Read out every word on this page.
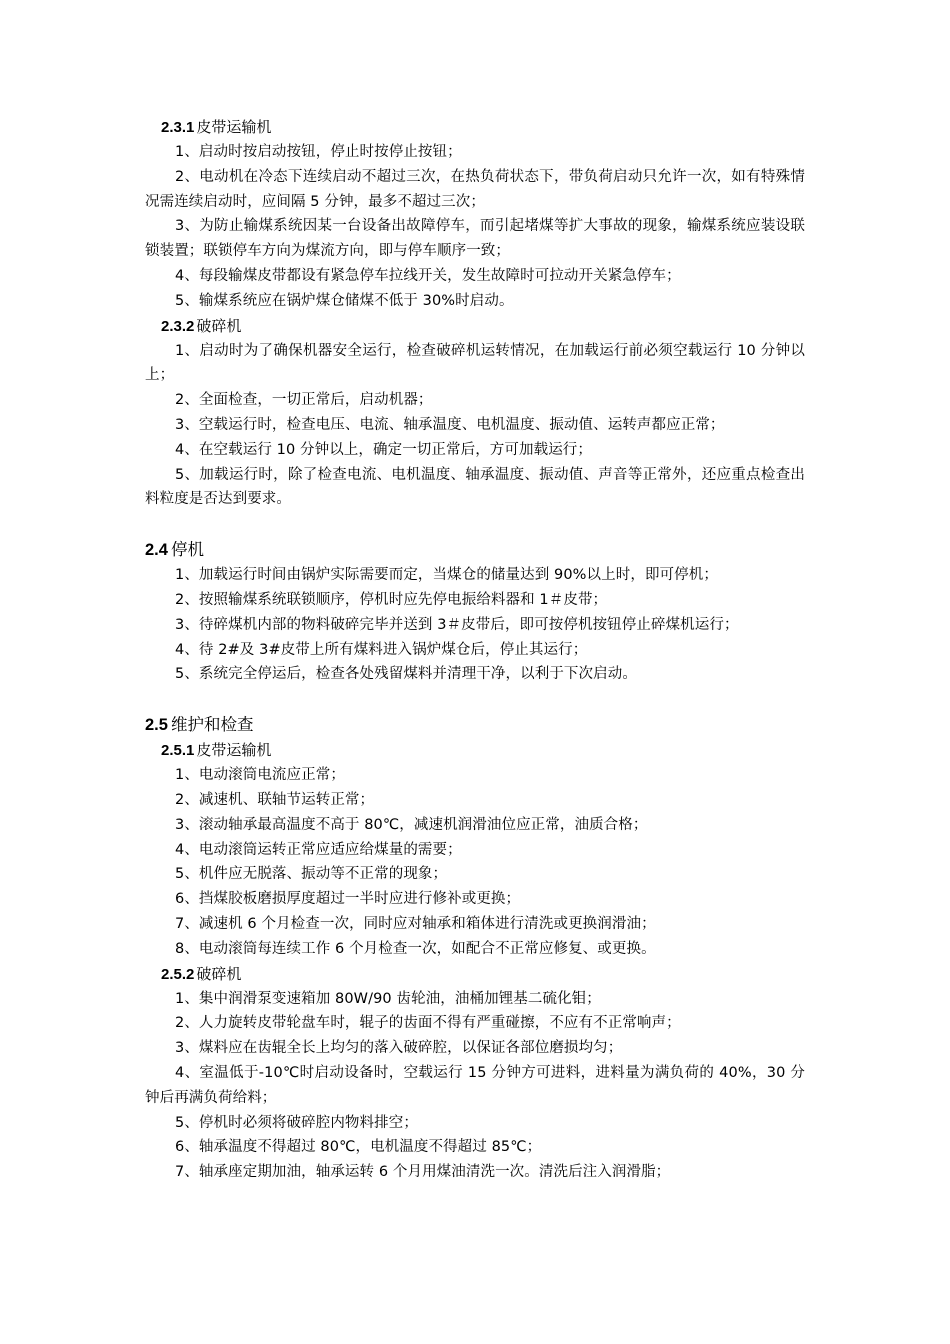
2.3.1 皮带运输机

1、启动时按启动按钮，停止时按停止按钮；

2、电动机在冷态下连续启动不超过三次，在热负荷状态下，带负荷启动只允许一次，如有特殊情况需连续启动时，应间隔 5 分钟，最多不超过三次；

3、为防止输煤系统因某一台设备出故障停车，而引起堵煤等扩大事故的现象，输煤系统应装设联锁装置；联锁停车方向为煤流方向，即与停车顺序一致；

4、每段输煤皮带都设有紧急停车拉线开关，发生故障时可拉动开关紧急停车；

5、输煤系统应在锅炉煤仓储煤不低于 30%时启动。

2.3.2 破碎机

1、启动时为了确保机器安全运行，检查破碎机运转情况，在加载运行前必须空载运行 10 分钟以上；

2、全面检查，一切正常后，启动机器；

3、空载运行时，检查电压、电流、轴承温度、电机温度、振动值、运转声都应正常；

4、在空载运行 10 分钟以上，确定一切正常后，方可加载运行；

5、加载运行时，除了检查电流、电机温度、轴承温度、振动值、声音等正常外，还应重点检查出料粒度是否达到要求。

2.4 停机

1、加载运行时间由锅炉实际需要而定，当煤仓的储量达到 90%以上时，即可停机；

2、按照输煤系统联锁顺序，停机时应先停电振给料器和 1＃皮带；

3、待碎煤机内部的物料破碎完毕并送到 3＃皮带后，即可按停机按钮停止碎煤机运行；

4、待 2#及 3#皮带上所有煤料进入锅炉煤仓后，停止其运行；

5、系统完全停运后，检查各处残留煤料并清理干净，以利于下次启动。

2.5 维护和检查
2.5.1 皮带运输机

1、电动滚筒电流应正常；

2、减速机、联轴节运转正常；

3、滚动轴承最高温度不高于 80℃，减速机润滑油位应正常，油质合格；

4、电动滚筒运转正常应适应给煤量的需要；

5、机件应无脱落、振动等不正常的现象；

6、挡煤胶板磨损厚度超过一半时应进行修补或更换；

7、减速机 6 个月检查一次，同时应对轴承和箱体进行清洗或更换润滑油；

8、电动滚筒每连续工作 6 个月检查一次，如配合不正常应修复、或更换。

2.5.2 破碎机

1、集中润滑泵变速箱加 80W/90 齿轮油，油桶加锂基二硫化钼；

2、人力旋转皮带轮盘车时，辊子的齿面不得有严重碰擦，不应有不正常响声；

3、煤料应在齿辊全长上均匀的落入破碎腔，以保证各部位磨损均匀；

4、室温低于-10℃时启动设备时，空载运行 15 分钟方可进料，进料量为满负荷的 40%，30 分钟后再满负荷给料；

5、停机时必须将破碎腔内物料排空；

6、轴承温度不得超过 80℃，电机温度不得超过 85℃；

7、轴承座定期加油，轴承运转 6 个月用煤油清洗一次。清洗后注入润滑脂；
